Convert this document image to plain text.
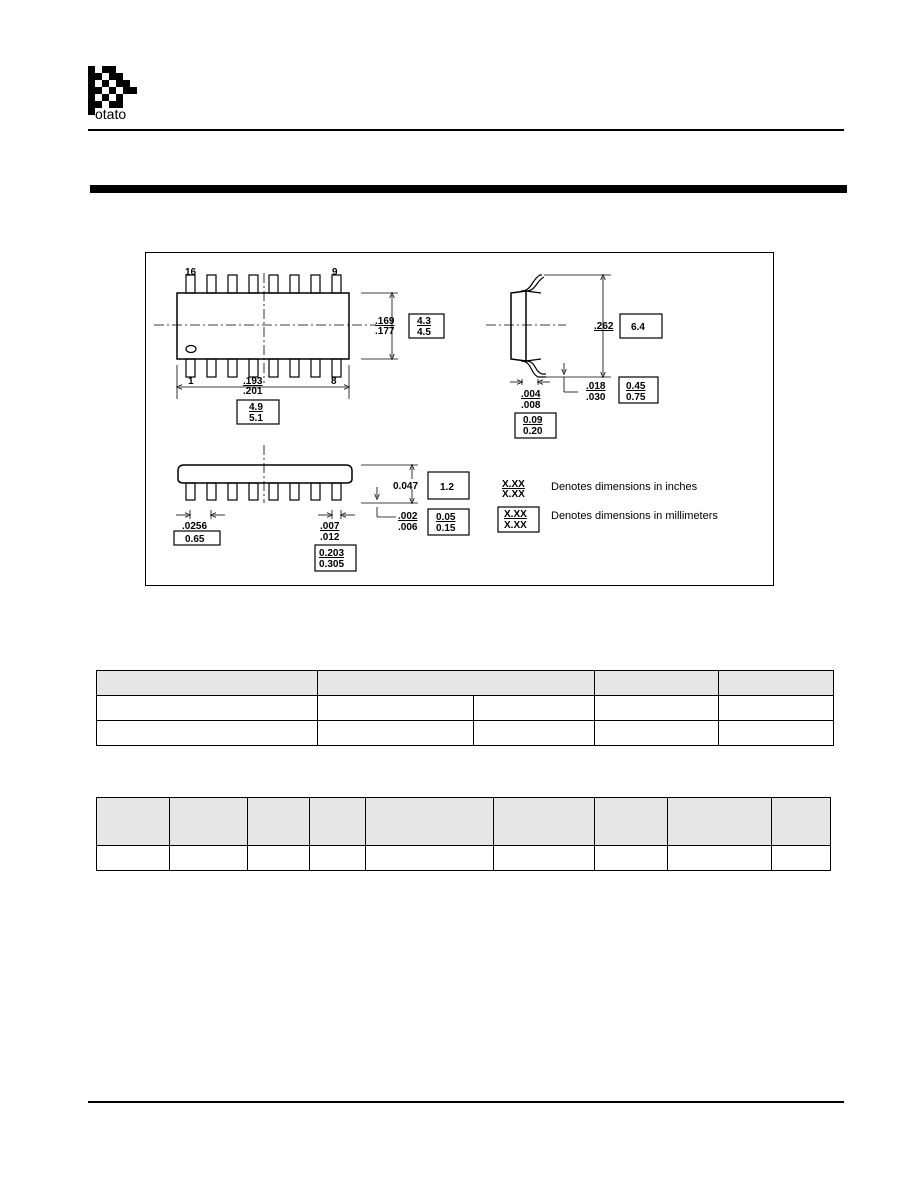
otato
16	9
1	8
.169
.177
4.3
4.5
.193
.201
4.9
5.1
.262 6.4
.004
.008
0.09
0.20
.018
.030
0.45
0.75
0.047 1.2
.0256
0.65
.007
.012
0.203
0.305
.002
.006
0.05
0.15
X.XX
X.XX
Denotes dimensions in inches
X.XX
X.XX
Denotes dimensions in millimeters
